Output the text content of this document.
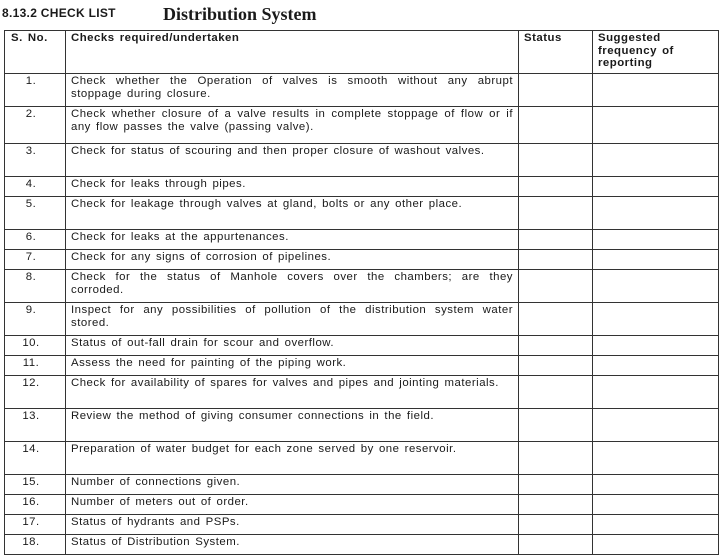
8.13.2 CHECK LIST	Distribution System
S. No.	Checks required/undertaken	Status	Suggested frequency of reporting
1.	Check whether the Operation of valves is smooth without any abrupt stoppage during closure.		
2.	Check whether closure of a valve results in complete stoppage of flow or if any flow passes the valve (passing valve).		
3.	Check for status of scouring and then proper closure of washout valves.		
4.	Check for leaks through pipes.		
5.	Check for leakage through valves at gland, bolts or any other place.		
6.	Check for leaks at the appurtenances.		
7.	Check for any signs of corrosion of pipelines.		
8.	Check for the status of Manhole covers over the chambers; are they corroded.		
9.	Inspect for any possibilities of pollution of the distribution system water stored.		
10.	Status of out-fall drain for scour and overflow.		
11.	Assess the need for painting of the piping work.		
12.	Check for availability of spares for valves and pipes and jointing materials.		
13.	Review the method of giving consumer connections in the field.		
14.	Preparation of water budget for each zone served by one reservoir.		
15.	Number of connections given.		
16.	Number of meters out of order.		
17.	Status of hydrants and PSPs.		
18.	Status of Distribution System.		
